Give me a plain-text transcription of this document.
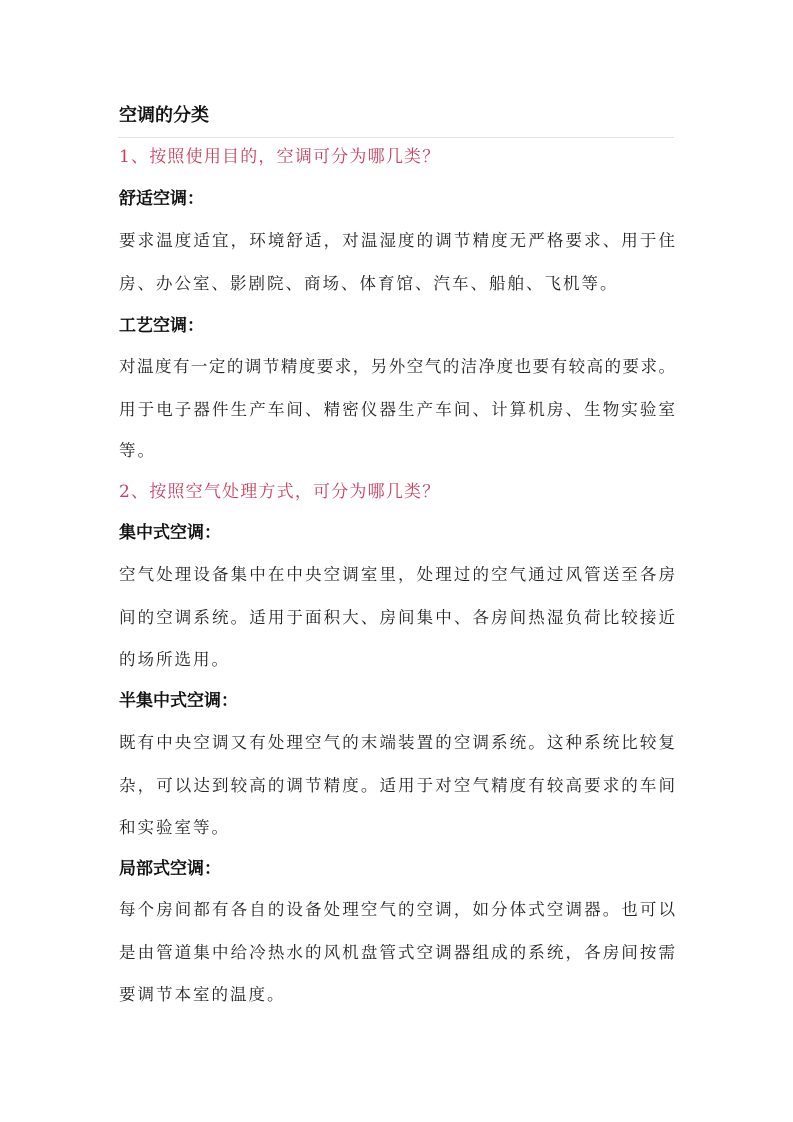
空调的分类
1、按照使用目的，空调可分为哪几类？
舒适空调：
要求温度适宜，环境舒适，对温湿度的调节精度无严格要求、用于住
房、办公室、影剧院、商场、体育馆、汽车、船舶、飞机等。
工艺空调：
对温度有一定的调节精度要求，另外空气的洁净度也要有较高的要求。
用于电子器件生产车间、精密仪器生产车间、计算机房、生物实验室
等。
2、按照空气处理方式，可分为哪几类？
集中式空调：
空气处理设备集中在中央空调室里，处理过的空气通过风管送至各房
间的空调系统。适用于面积大、房间集中、各房间热湿负荷比较接近
的场所选用。
半集中式空调：
既有中央空调又有处理空气的末端装置的空调系统。这种系统比较复
杂，可以达到较高的调节精度。适用于对空气精度有较高要求的车间
和实验室等。
局部式空调：
每个房间都有各自的设备处理空气的空调，如分体式空调器。也可以
是由管道集中给冷热水的风机盘管式空调器组成的系统，各房间按需
要调节本室的温度。
